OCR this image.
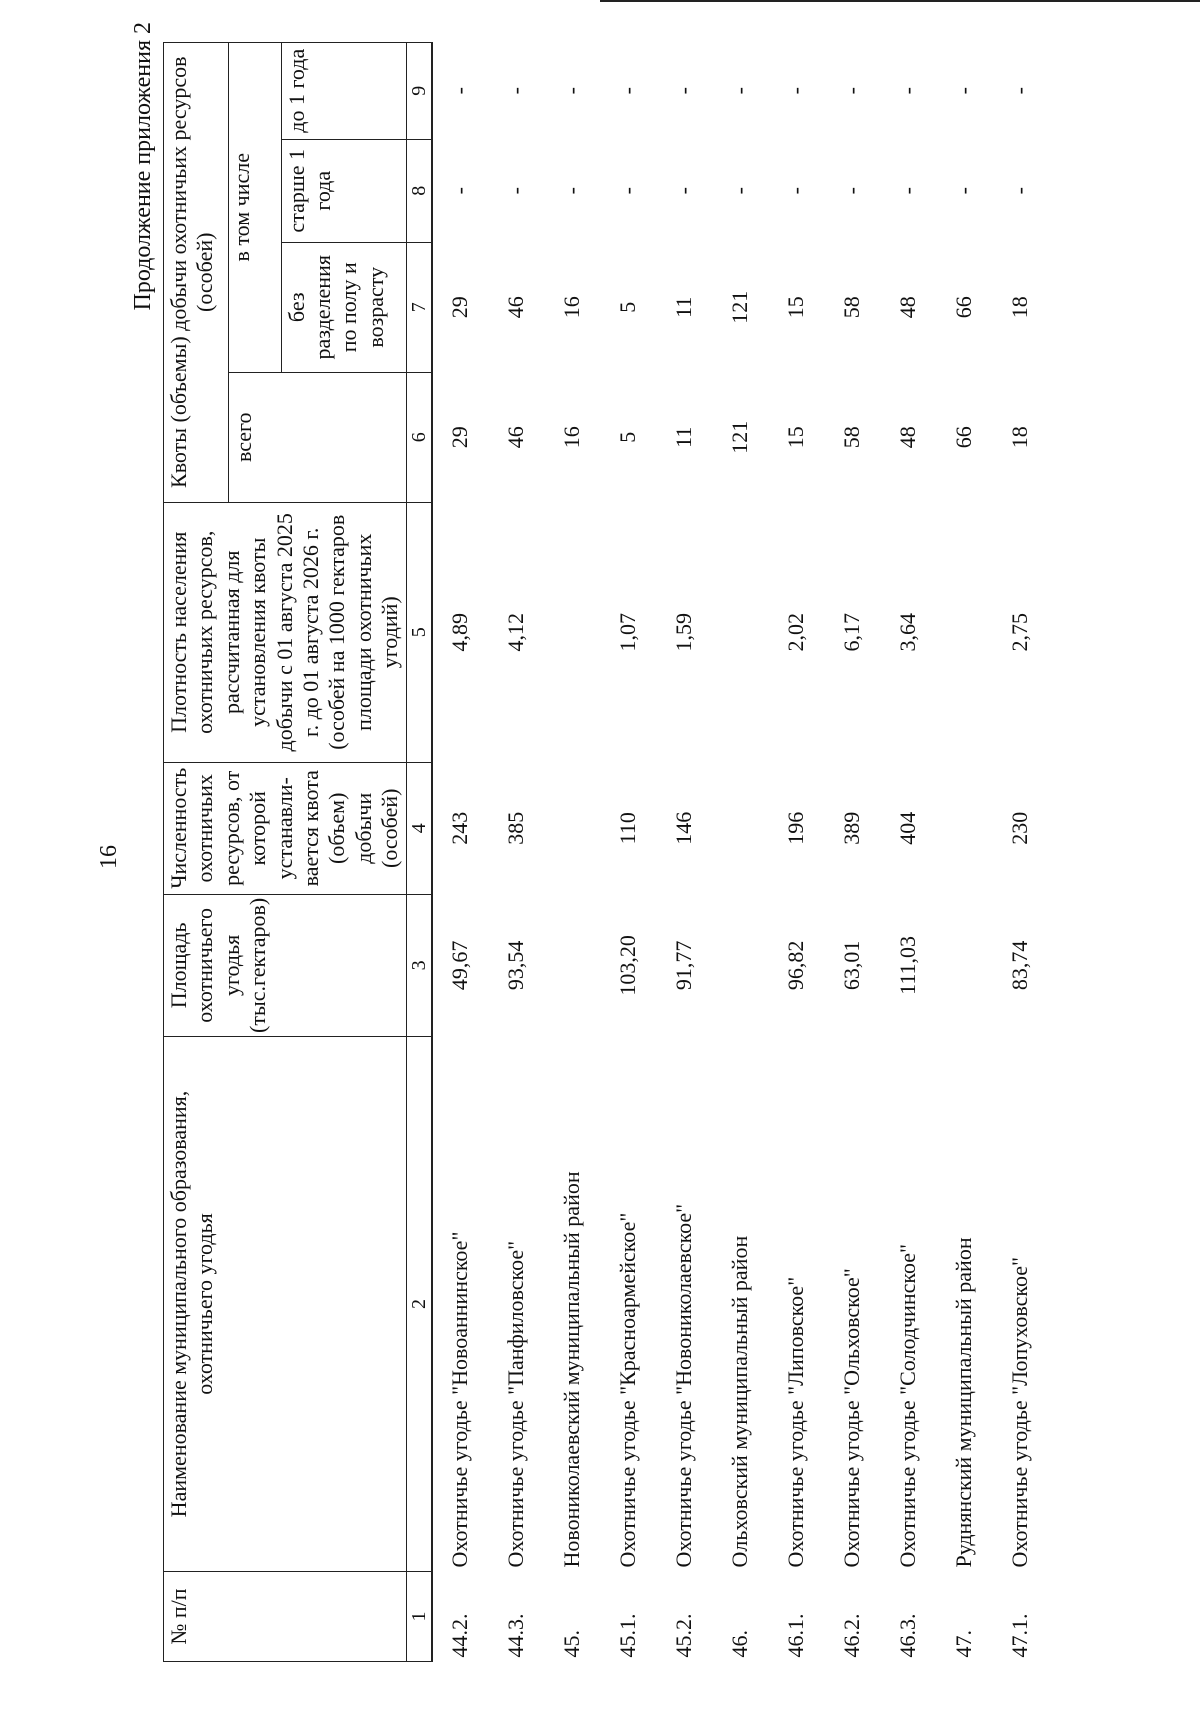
16
Продолжение приложения 2
№ п/п	Наименование муниципального образования, охотничьего угодья	Площадь охотничьего угодья (тыс.гектаров)	Численность охотничьих ресурсов, от которой устанавли- вается квота (объем) добычи (особей)	Плотность населения охотничьих ресурсов, рассчитанная для установления квоты добычи с 01 августа 2025 г. до 01 августа 2026 г. (особей на 1000 гектаров площади охотничьих угодий)	Квоты (объемы) добычи охотничьих ресурсов (особей)			
					всего	в том числе		
						без разделения по полу и возрасту	старше 1 года	до 1 года
1	2	3	4	5	6	7	8	9
44.2.	Охотничье угодье "Новоаннинское"	49,67	243	4,89	29	29	-	-
44.3.	Охотничье угодье "Панфиловское"	93,54	385	4,12	46	46	-	-
45.	Новониколаевский муниципальный район				16	16	-	-
45.1.	Охотничье угодье "Красноармейское"	103,20	110	1,07	5	5	-	-
45.2.	Охотничье угодье "Новониколаевское"	91,77	146	1,59	11	11	-	-
46.	Ольховский муниципальный район				121	121	-	-
46.1.	Охотничье угодье "Липовское"	96,82	196	2,02	15	15	-	-
46.2.	Охотничье угодье "Ольховское"	63,01	389	6,17	58	58	-	-
46.3.	Охотничье угодье "Солодчинское"	111,03	404	3,64	48	48	-	-
47.	Руднянский муниципальный район				66	66	-	-
47.1.	Охотничье угодье "Лопуховское"	83,74	230	2,75	18	18	-	-
